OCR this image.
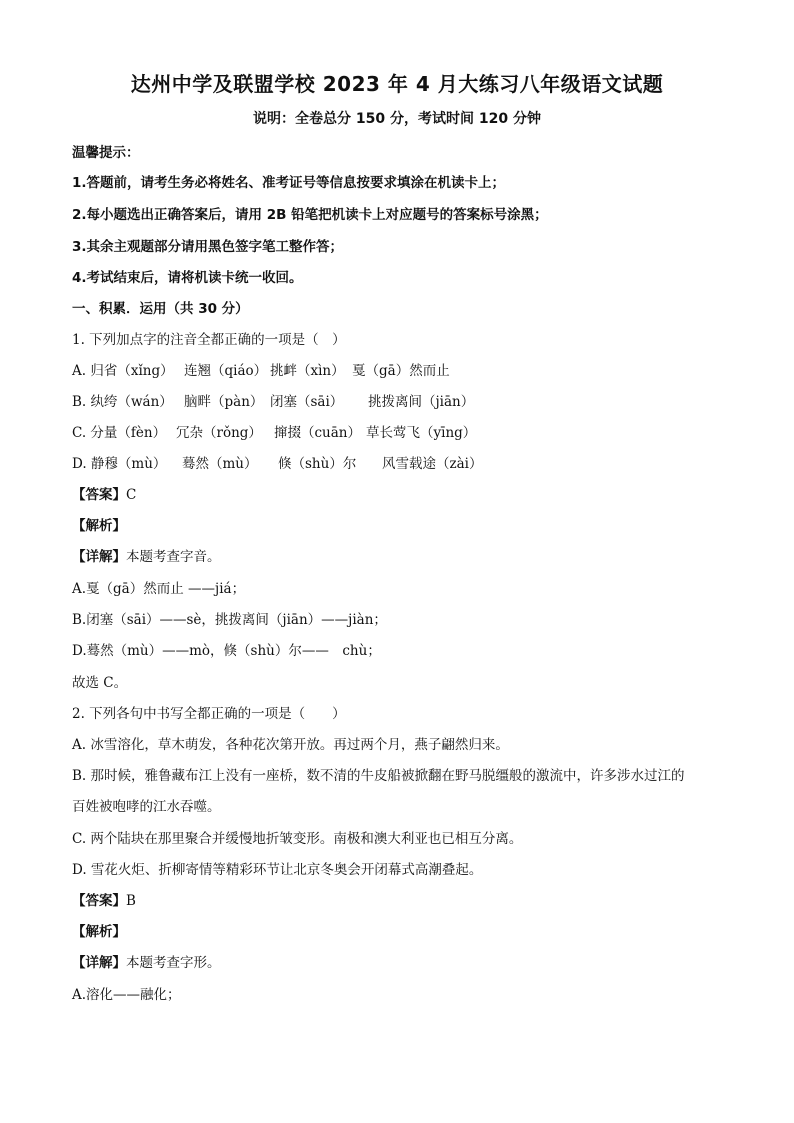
达州中学及联盟学校 2023 年 4 月大练习八年级语文试题
说明：全卷总分 150 分，考试时间 120 分钟
温馨提示：
1.答题前，请考生务必将姓名、准考证号等信息按要求填涂在机读卡上；
2.每小题选出正确答案后，请用 2B 铅笔把机读卡上对应题号的答案标号涂黑；
3.其余主观题部分请用黑色签字笔工整作答；
4.考试结束后，请将机读卡统一收回。
一、积累．运用（共 30 分）
1. 下列加点字的注音全都正确的一项是（　）
A. 归省（xǐng） 连翘（qiáo） 挑衅（xìn） 戛（gā）然而止
B. 纨绔（wán） 脑畔（pàn） 闭塞（sāi） 挑拨离间（jiān）
C. 分量（fèn） 冗杂（rǒng） 撺掇（cuān） 草长莺飞（yīng）
D. 静穆（mù） 蓦然（mù） 倏（shù）尔 风雪载途（zài）
【答案】C
【解析】
【详解】本题考查字音。
A.戛（gā）然而止 ——jiá；
B.闭塞（sāi）——sè，挑拨离间（jiān）——jiàn；
D.蓦然（mù）——mò，倏（shù）尔——　chù；
故选 C。
2. 下列各句中书写全都正确的一项是（　　）
A. 冰雪溶化，草木萌发，各种花次第开放。再过两个月，燕子翩然归来。
B. 那时候，雅鲁藏布江上没有一座桥，数不清的牛皮船被掀翻在野马脱缰般的激流中，许多涉水过江的
百姓被咆哮的江水吞噬。
C. 两个陆块在那里聚合并缓慢地折皱变形。南极和澳大利亚也已相互分离。
D. 雪花火炬、折柳寄情等精彩环节让北京冬奥会开闭幕式高潮叠起。
【答案】B
【解析】
【详解】本题考查字形。
A.溶化——融化；
